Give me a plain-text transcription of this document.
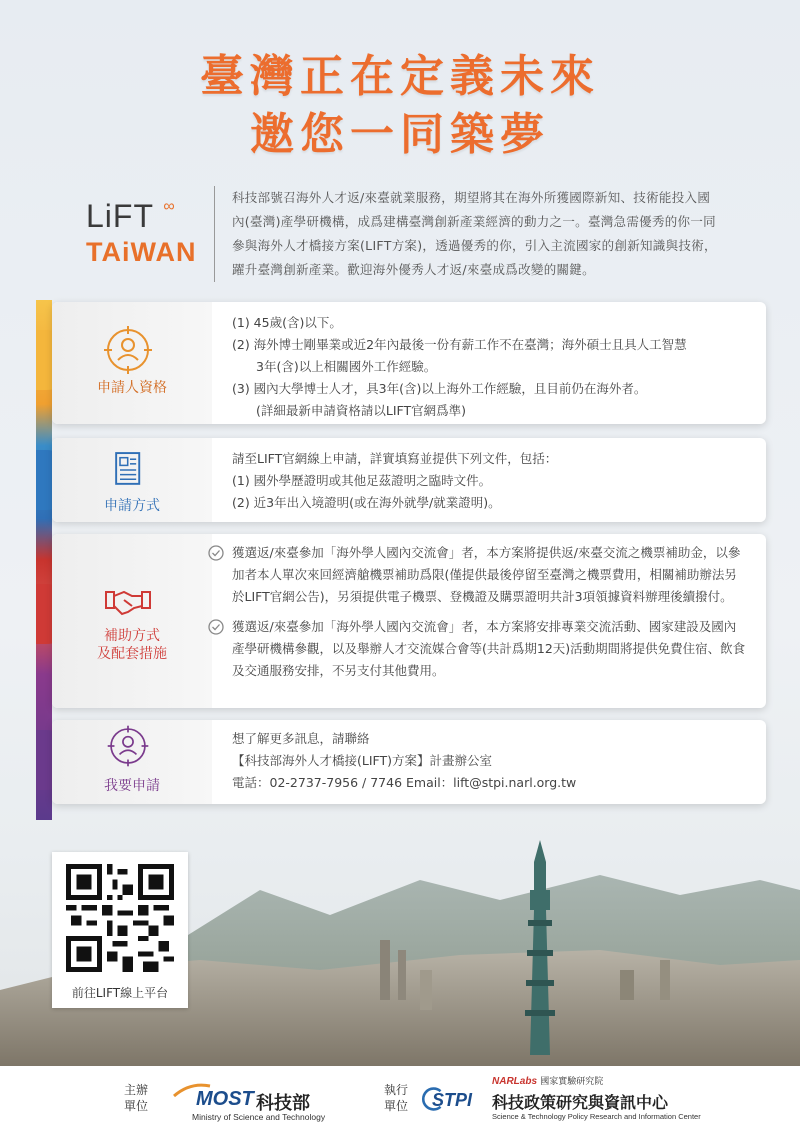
臺灣正在定義未來
邀您一同築夢
LiFT ∞
TAiWAN
科技部號召海外人才返/來臺就業服務，期望將其在海外所獲國際新知、技術能投入國
內(臺灣)產學研機構，成爲建構臺灣創新產業經濟的動力之一。臺灣急需優秀的你一同
參與海外人才橋接方案(LIFT方案)，透過優秀的你，引入主流國家的創新知識與技術，
躍升臺灣創新產業。歡迎海外優秀人才返/來臺成爲改變的關鍵。
申請人資格
(1) 45歲(含)以下。
(2) 海外博士剛畢業或近2年內最後一份有薪工作不在臺灣；海外碩士且具人工智慧
3年(含)以上相關國外工作經驗。
(3) 國內大學博士人才，具3年(含)以上海外工作經驗，且目前仍在海外者。
(詳細最新申請資格請以LIFT官網爲準)
申請方式
請至LIFT官網線上申請，詳實填寫並提供下列文件，包括：
(1) 國外學歷證明或其他足茲證明之臨時文件。
(2) 近3年出入境證明(或在海外就學/就業證明)。
補助方式
及配套措施
獲選返/來臺參加「海外學人國內交流會」者，本方案將提供返/來臺交流之機票補助金，以參加者本人單次來回經濟艙機票補助爲限(僅提供最後停留至臺灣之機票費用，相關補助辦法另於LIFT官網公告)，另須提供電子機票、登機證及購票證明共計3項領據資料辦理後續撥付。
獲選返/來臺參加「海外學人國內交流會」者，本方案將安排專業交流活動、國家建設及國內產學研機構參觀，以及舉辦人才交流媒合會等(共計爲期12天)活動期間將提供免費住宿、飲食及交通服務安排，不另支付其他費用。
我要申請
想了解更多訊息，請聯絡
【科技部海外人才橋接(LIFT)方案】計畫辦公室
電話：02-2737-7956 / 7746 Email：lift@stpi.narl.org.tw
前往LIFT線上平台
主辦
單位 MOST 科技部
Ministry of Science and Technology
執行
單位 STPI
NARLabs 國家實驗研究院
科技政策研究與資訊中心
Science & Technology Policy Research and Information Center
